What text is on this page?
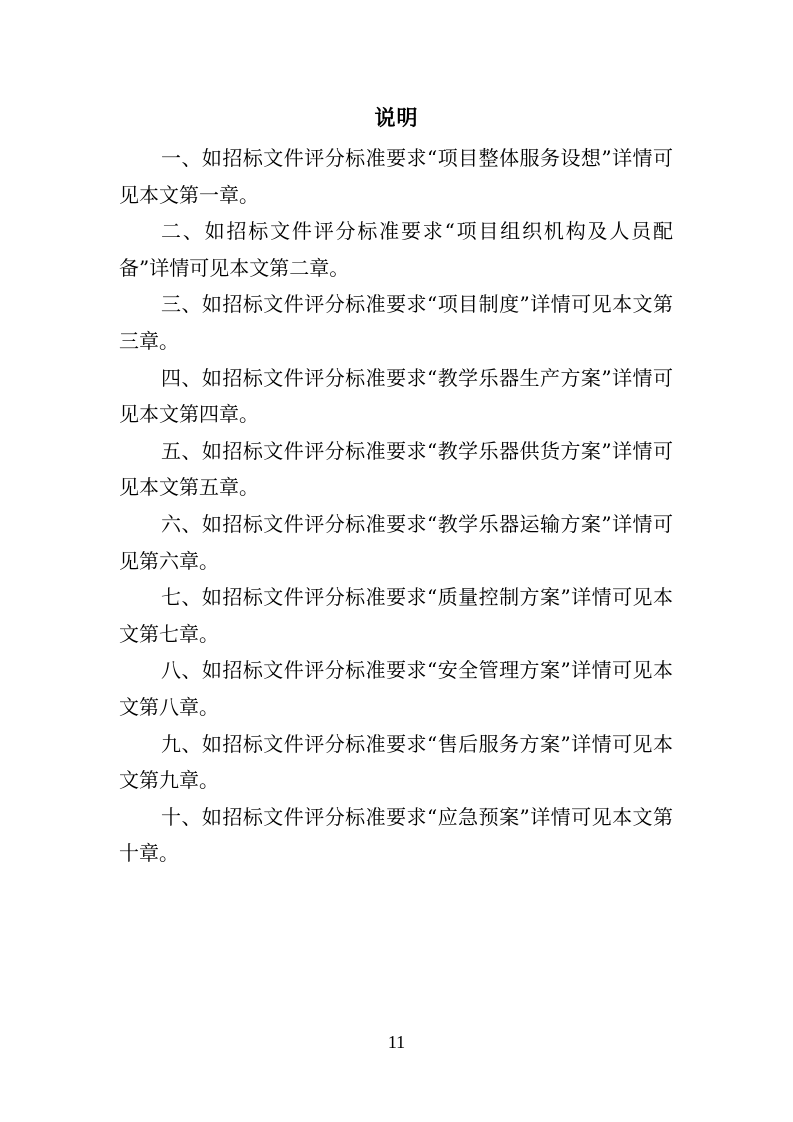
说明

一、如招标文件评分标准要求“项目整体服务设想”详情可见本文第一章。

二、如招标文件评分标准要求“项目组织机构及人员配备”详情可见本文第二章。

三、如招标文件评分标准要求“项目制度”详情可见本文第三章。

四、如招标文件评分标准要求“教学乐器生产方案”详情可见本文第四章。

五、如招标文件评分标准要求“教学乐器供货方案”详情可见本文第五章。

六、如招标文件评分标准要求“教学乐器运输方案”详情可见第六章。

七、如招标文件评分标准要求“质量控制方案”详情可见本文第七章。

八、如招标文件评分标准要求“安全管理方案”详情可见本文第八章。

九、如招标文件评分标准要求“售后服务方案”详情可见本文第九章。

十、如招标文件评分标准要求“应急预案”详情可见本文第十章。

11
